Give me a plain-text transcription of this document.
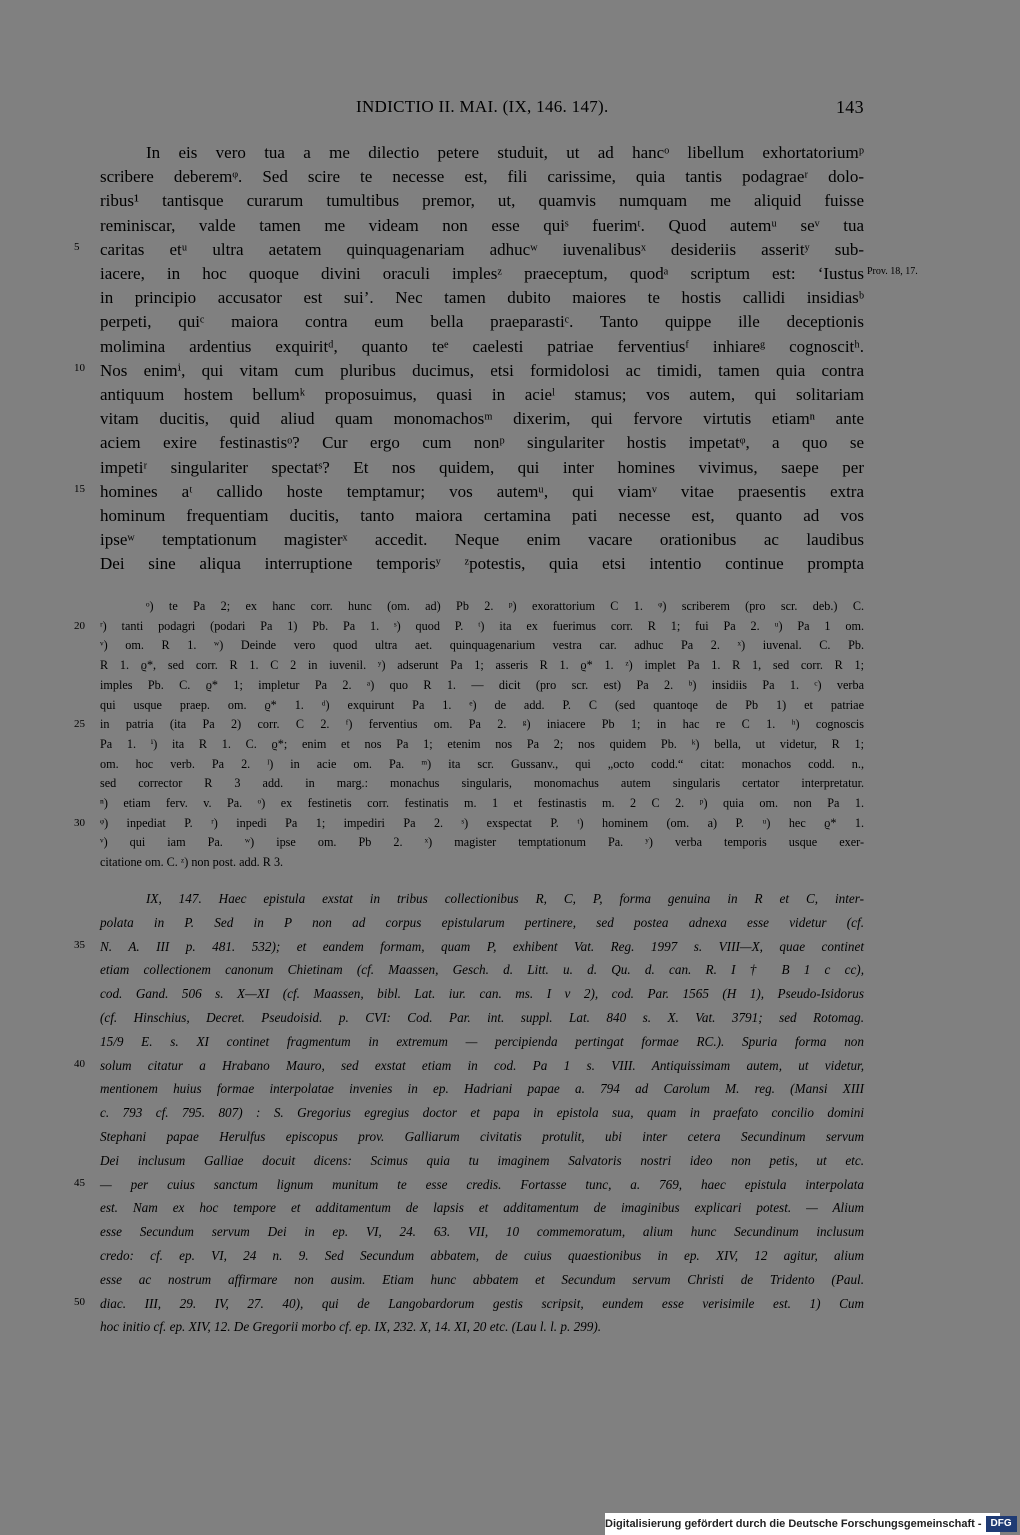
INDICTIO II. MAI. (IX, 146. 147).	143
In eis vero tua a me dilectio petere studuit, ut ad hancᵒ libellum exhortatoriumᵖ
scribere deberemᵠ. Sed scire te necesse est, fili carissime, quia tantis podagraeʳ dolo-
ribus¹ tantisque curarum tumultibus premor, ut, quamvis numquam me aliquid fuisse
reminiscar, valde tamen me videam non esse quiˢ fuerimᵗ. Quod autemᵘ seᵛ tua
caritas etᵘ ultra aetatem quinquagenariam adhucʷ iuvenalibusˣ desideriis asseritʸ sub-
5
iacere, in hoc quoque divini oraculi implesᶻ praeceptum, quodᵃ scriptum est: ‘Iustus
in principio accusator est sui’. Nec tamen dubito maiores te hostis callidi insidiasᵇ
perpeti, quiᶜ maiora contra eum bella praeparastiᶜ. Tanto quippe ille deceptionis
molimina ardentius exquiritᵈ, quanto teᵉ caelesti patriae ferventiusᶠ inhiareᵍ cognoscitʰ.
Nos enimⁱ, qui vitam cum pluribus ducimus, etsi formidolosi ac timidi, tamen quia contra
10
antiquum hostem bellumᵏ proposuimus, quasi in acieˡ stamus; vos autem, qui solitariam
vitam ducitis, quid aliud quam monomachosᵐ dixerim, qui fervore virtutis etiamⁿ ante
aciem exire festinastisᵒ? Cur ergo cum nonᵖ singulariter hostis impetatᵠ, a quo se
impetiʳ singulariter spectatˢ? Et nos quidem, qui inter homines vivimus, saepe per
homines aᵗ callido hoste temptamur; vos autemᵘ, qui viamᵛ vitae praesentis extra
15
hominum frequentiam ducitis, tanto maiora certamina pati necesse est, quanto ad vos
ipseʷ temptationum magisterˣ accedit. Neque enim vacare orationibus ac laudibus
Dei sine aliqua interruptione temporisʸ ᶻpotestis, quia etsi intentio continue prompta
Prov. 18, 17.
ᵒ) te Pa 2; ex hanc corr. hunc (om. ad) Pb 2. ᵖ) exorattorium C 1. ᵠ) scriberem (pro scr. deb.) C.
ʳ) tanti podagri (podari Pa 1) Pb. Pa 1. ˢ) quod P. ᵗ) ita ex fuerimus corr. R 1; fui Pa 2. ᵘ) Pa 1 om.
20
ᵛ) om. R 1. ʷ) Deinde vero quod ultra aet. quinquagenarium vestra car. adhuc Pa 2. ˣ) iuvenal. C. Pb.
R 1. ϱ*, sed corr. R 1. C 2 in iuvenil. ʸ) adserunt Pa 1; asseris R 1. ϱ* 1. ᶻ) implet Pa 1. R 1, sed corr. R 1;
imples Pb. C. ϱ* 1; impletur Pa 2. ᵃ) quo R 1. — dicit (pro scr. est) Pa 2. ᵇ) insidiis Pa 1. ᶜ) verba
qui usque praep. om. ϱ* 1. ᵈ) exquirunt Pa 1. ᵉ) de add. P. C (sed quantoqe de Pb 1) et patriae
in patria (ita Pa 2) corr. C 2. ᶠ) ferventius om. Pa 2. ᵍ) iniacere Pb 1; in hac re C 1. ʰ) cognoscis
25
Pa 1. ⁱ) ita R 1. C. ϱ*; enim et nos Pa 1; etenim nos Pa 2; nos quidem Pb. ᵏ) bella, ut videtur, R 1;
om. hoc verb. Pa 2. ˡ) in acie om. Pa. ᵐ) ita scr. Gussanv., qui „octo codd.“ citat: monachos codd. n.,
sed corrector R 3 add. in marg.: monachus singularis, monomachus autem singularis certator interpretatur.
ⁿ) etiam ferv. v. Pa. ᵒ) ex festinetis corr. festinatis m. 1 et festinastis m. 2 C 2. ᵖ) quia om. non Pa 1.
ᵠ) inpediat P. ʳ) inpedi Pa 1; impediri Pa 2. ˢ) exspectat P. ᵗ) hominem (om. a) P. ᵘ) hec ϱ* 1.
30
ᵛ) qui iam Pa. ʷ) ipse om. Pb 2. ˣ) magister temptationum Pa. ʸ) verba temporis usque exer-
citatione om. C. ᶻ) non post. add. R 3.
IX, 147. Haec epistula exstat in tribus collectionibus R, C, P, forma genuina in R et C, inter-
polata in P. Sed in P non ad corpus epistularum pertinere, sed postea adnexa esse videtur (cf.
N. A. III p. 481. 532); et eandem formam, quam P, exhibent Vat. Reg. 1997 s. VIII—X, quae continet
35
etiam collectionem canonum Chietinam (cf. Maassen, Gesch. d. Litt. u. d. Qu. d. can. R. I † B 1 c cc),
cod. Gand. 506 s. X—XI (cf. Maassen, bibl. Lat. iur. can. ms. I v 2), cod. Par. 1565 (H 1), Pseudo-Isidorus
(cf. Hinschius, Decret. Pseudoisid. p. CVI: Cod. Par. int. suppl. Lat. 840 s. X. Vat. 3791; sed Rotomag.
15/9 E. s. XI continet fragmentum in extremum — percipienda pertingat formae RC.). Spuria forma non
solum citatur a Hrabano Mauro, sed exstat etiam in cod. Pa 1 s. VIII. Antiquissimam autem, ut videtur,
40
mentionem huius formae interpolatae invenies in ep. Hadriani papae a. 794 ad Carolum M. reg. (Mansi XIII
c. 793 cf. 795. 807) : S. Gregorius egregius doctor et papa in epistola sua, quam in praefato concilio domini
Stephani papae Herulfus episcopus prov. Galliarum civitatis protulit, ubi inter cetera Secundinum servum
Dei inclusum Galliae docuit dicens: Scimus quia tu imaginem Salvatoris nostri ideo non petis, ut etc.
— per cuius sanctum lignum munitum te esse credis. Fortasse tunc, a. 769, haec epistula interpolata
45
est. Nam ex hoc tempore et additamentum de lapsis et additamentum de imaginibus explicari potest. — Alium
esse Secundum servum Dei in ep. VI, 24. 63. VII, 10 commemoratum, alium hunc Secundinum inclusum
credo: cf. ep. VI, 24 n. 9. Sed Secundum abbatem, de cuius quaestionibus in ep. XIV, 12 agitur, alium
esse ac nostrum affirmare non ausim. Etiam hunc abbatem et Secundum servum Christi de Tridento (Paul.
diac. III, 29. IV, 27. 40), qui de Langobardorum gestis scripsit, eundem esse verisimile est. 1) Cum
50
hoc initio cf. ep. XIV, 12. De Gregorii morbo cf. ep. IX, 232. X, 14. XI, 20 etc. (Lau l. l. p. 299).
Digitalisierung gefördert durch die Deutsche Forschungsgemeinschaft - DFG
